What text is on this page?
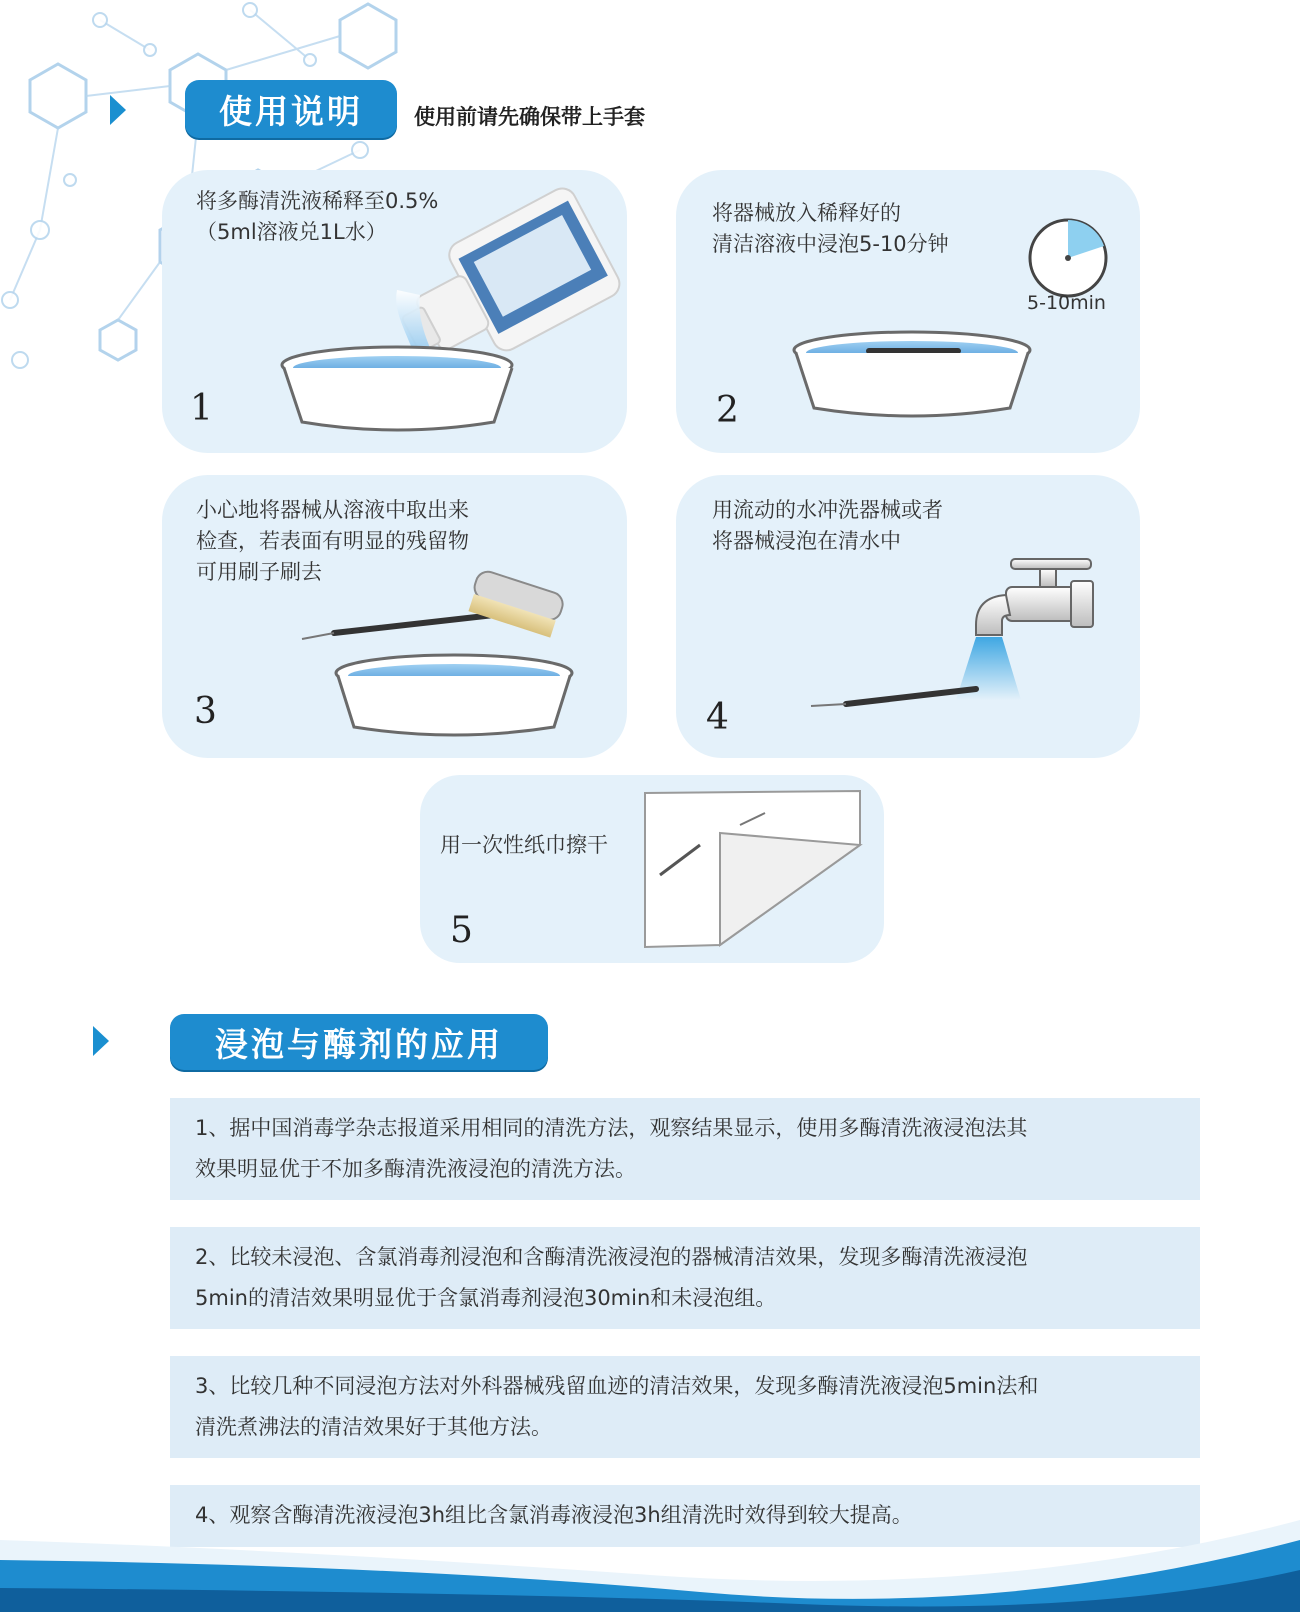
使用说明	使用前请先确保带上手套
将多酶清洗液稀释至0.5%
（5ml溶液兑1L水）
1
将器械放入稀释好的
清洁溶液中浸泡5-10分钟
5-10min
2
小心地将器械从溶液中取出来
检查，若表面有明显的残留物
可用刷子刷去
3
用流动的水冲洗器械或者
将器械浸泡在清水中
4
用一次性纸巾擦干
5
浸泡与酶剂的应用
1、据中国消毒学杂志报道采用相同的清洗方法，观察结果显示，使用多酶清洗液浸泡法其
效果明显优于不加多酶清洗液浸泡的清洗方法。
2、比较未浸泡、含氯消毒剂浸泡和含酶清洗液浸泡的器械清洁效果，发现多酶清洗液浸泡
5min的清洁效果明显优于含氯消毒剂浸泡30min和未浸泡组。
3、比较几种不同浸泡方法对外科器械残留血迹的清洁效果，发现多酶清洗液浸泡5min法和
清洗煮沸法的清洁效果好于其他方法。
4、观察含酶清洗液浸泡3h组比含氯消毒液浸泡3h组清洗时效得到较大提高。
